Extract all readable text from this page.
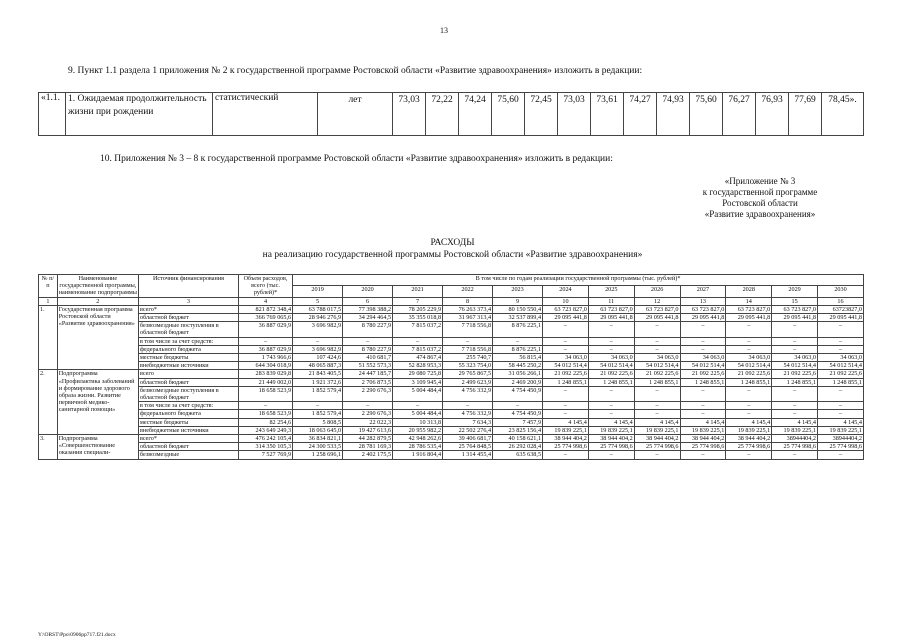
13
9. Пункт 1.1 раздела 1 приложения № 2 к государственной программе Ростовской области «Развитие здравоохранения» изложить в редакции:
«1.1.	1. Ожидаемая продолжительность жизни при рождении	статистический	лет	73,03	72,22	74,24	75,60	72,45	73,03	73,61	74,27	74,93	75,60	76,27	76,93	77,69	78,45».
10. Приложения № 3 – 8 к государственной программе Ростовской области «Развитие здравоохранения» изложить в редакции:
«Приложение № 3
к государственной программе
Ростовской области
«Развитие здравоохранения»
РАСХОДЫ
на реализацию государственной программы Ростовской области «Развитие здравоохранения»
№ п/п	Наименование государственной программы, наименование подпрограммы	Источник финансирования	Объем расходов, всего (тыс. рублей)*	В том числе по годам реализации государственной программы (тыс. рублей)*											
				2019	2020	2021	2022	2023	2024	2025	2026	2027	2028	2029	2030
1	2	3	4	5	6	7	8	9	10	11	12	13	14	15	16
1.	Государственная программа Ростовской области «Развитие здравоохранения»	всего*	821 872 348,4	63 788 017,5	77 398 388,2	78 205 229,9	76 263 373,4	80 150 550,4	63 723 827,0	63 723 827,0	63 723 827,0	63 723 827,0	63 723 827,0	63 723 827,0	63723827,0
		областной бюджет	366 769 065,6	28 946 276,9	34 294 464,5	35 355 018,8	31 967 313,4	32 537 899,4	29 095 441,8	29 095 441,8	29 095 441,8	29 095 441,8	29 095 441,8	29 095 441,8	29 095 441,8
		безвозмездные поступления в областной бюджет	36 887 029,9	3 696 982,9	8 780 227,9	7 815 037,2	7 718 556,8	8 876 225,1	–	–	–	–	–	–	–
		в том числе за счет средств:	–	–	–	–	–	–	–	–	–	–	–	–	–
		федерального бюджета	36 887 029,9	3 696 982,9	8 780 227,9	7 815 037,2	7 718 556,8	8 876 225,1	–	–	–	–	–	–	–
		местные бюджеты	1 743 966,6	107 424,6	410 681,7	474 867,4	255 740,7	56 815,4	34 063,0	34 063,0	34 063,0	34 063,0	34 063,0	34 063,0	34 063,0
		внебюджетные источники	644 304 018,9	48 065 887,3	51 552 573,3	52 828 953,3	55 323 754,0	58 445 250,2	54 012 514,4	54 012 514,4	54 012 514,4	54 012 514,4	54 012 514,4	54 012 514,4	54 012 514,4
2.	Подпрограмма «Профилактика заболеваний и формирование здорового образа жизни. Развитие первичной медико-санитарной помощи»	всего	283 839 029,8	21 843 405,5	24 447 185,7	29 080 725,8	29 765 867,5	31 056 266,1	21 092 225,6	21 092 225,6	21 092 225,6	21 092 225,6	21 092 225,6	21 092 225,6	21 092 225,6
		областной бюджет	21 449 002,0	1 921 372,6	2 706 873,5	3 109 945,4	2 499 623,9	2 469 200,9	1 248 855,1	1 248 855,1	1 248 855,1	1 248 855,1	1 248 855,1	1 248 855,1	1 248 855,1
		безвозмездные поступления в областной бюджет	18 658 523,9	1 852 579,4	2 290 676,3	5 004 484,4	4 756 332,9	4 754 450,9	–	–	–	–	–	–	–
		в том числе за счет средств:	–	–	–	–	–	–	–	–	–	–	–	–	–
		федерального бюджета	18 658 523,9	1 852 579,4	2 290 676,3	5 004 484,4	4 756 332,9	4 754 450,9	–	–	–	–	–	–	–
		местные бюджеты	82 254,6	5 808,5	22 022,3	10 313,8	7 634,3	7 457,9	4 145,4	4 145,4	4 145,4	4 145,4	4 145,4	4 145,4	4 145,4
		внебюджетные источники	243 649 249,3	18 063 645,0	19 427 613,6	20 955 982,2	22 502 276,4	23 825 156,4	19 839 225,1	19 839 225,1	19 839 225,1	19 839 225,1	19 839 225,1	19 839 225,1	19 839 225,1
3.	Подпрограмма «Совершенствование оказания специали-	всего*	476 242 105,4	36 834 821,1	44 282 879,5	42 948 262,6	39 406 681,7	40 158 621,1	38 944 404,2	38 944 404,2	38 944 404,2	38 944 404,2	38 944 404,2	38944404,2	38944404,2
		областной бюджет	314 350 105,3	24 300 533,5	28 781 169,3	28 786 535,4	25 764 848,5	26 292 028,4	25 774 998,6	25 774 998,6	25 774 998,6	25 774 998,6	25 774 998,6	25 774 998,6	25 774 998,6
		безвозмездные	7 527 769,9	1 258 696,1	2 402 175,5	1 916 804,4	1 314 455,4	635 638,5	–	–	–	–	–	–	–
Y:\ORST\Ppo\0906pp717.f21.docx
